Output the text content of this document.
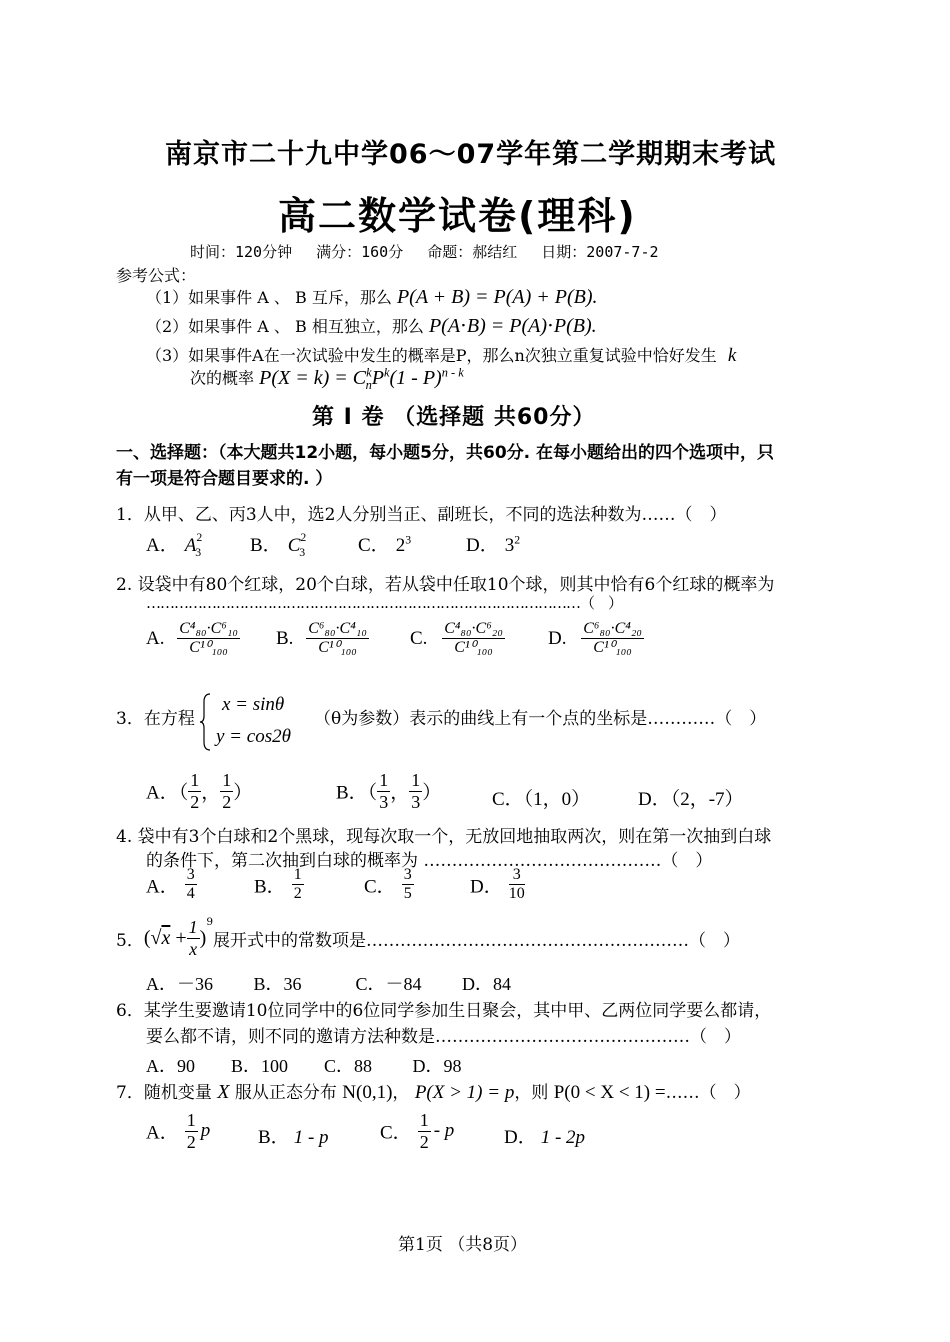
南京市二十九中学06～07学年第二学期期末考试
高二数学试卷(理科)
时间：120分钟　 满分：160分　 命题：郝结红　 日期：2007-7-2
参考公式：
（1）如果事件 A 、 B 互斥，那么 P(A + B) = P(A) + P(B).
（2）如果事件 A 、 B 相互独立，那么 P(A⋅B) = P(A)⋅P(B).
（3）如果事件A在一次试验中发生的概率是P，那么n次独立重复试验中恰好发生 k
次的概率 $P(X = k) = C^k_nP^k(1 - P)^{n - k}$
第 Ⅰ 卷 （选择题 共60分）
一、选择题：（本大题共12小题，每小题5分，共60分. 在每小题给出的四个选项中，只
有一项是符合题目要求的. ）
1．从甲、乙、丙3人中，选2人分别当正、副班长，不同的选法种数为……（　）
A． $A^2_3$	B． $C^2_3$	C． $2^3$	D． $3^2$
2. 设袋中有80个红球，20个白球，若从袋中任取10个球，则其中恰有6个红球的概率为
…………………………………………………………………………………（　）
A. $\frac{\text{C⁴₈₀·C⁶₁₀}}{\text{C¹⁰₁₀₀}} B$. $\frac{\text{C⁶₈₀·C⁴₁₀}}{\text{C¹⁰₁₀₀}} C$. $\frac{\text{C⁴₈₀·C⁶₂₀}}{\text{C¹⁰₁₀₀}} D$. $\frac{\text{C⁶₈₀·C⁴₂₀}}{\text{C¹⁰₁₀₀}}$
3．在方程
x = sinθ
y = cos2θ
（θ为参数）表示的曲线上有一个点的坐标是…………（　）
A．（ $\frac{1}{2}$ ， $\frac{1}{2}$ ）	B．（ $\frac{1}{3}$ ， $\frac{1}{3}$ ）	C．（1，0）	D．（2，-7）
4. 袋中有3个白球和2个黑球，现每次取一个，无放回地抽取两次，则在第一次抽到白球
的条件下，第二次抽到白球的概率为 ……………………………………（　）
A． $\frac{3}{4}$	B． $\frac{1}{2}$	C． $\frac{3}{5}$	D． $\frac{3}{10}$
5．$(√x + \frac{1}{x} )^9$展开式中的常数项是…………………………………………………（　）
A．－36　　 B．36　　　C．－84　　 D．84
6．某学生要邀请10位同学中的6位同学参加生日聚会，其中甲、乙两位同学要么都请，
要么都不请，则不同的邀请方法种数是………………………………………（　）
A．90　　B．100　　C．88　　 D．98
7．随机变量 X 服从正态分布 N(0,1)， P(X > 1) = p，则 P(0 < X < 1) =……（　）
A． $\frac{1}{2}$ p	B． 1 - p	C． $\frac{1}{2}$ - p	D． 1 - 2p
第1页 （共8页）
